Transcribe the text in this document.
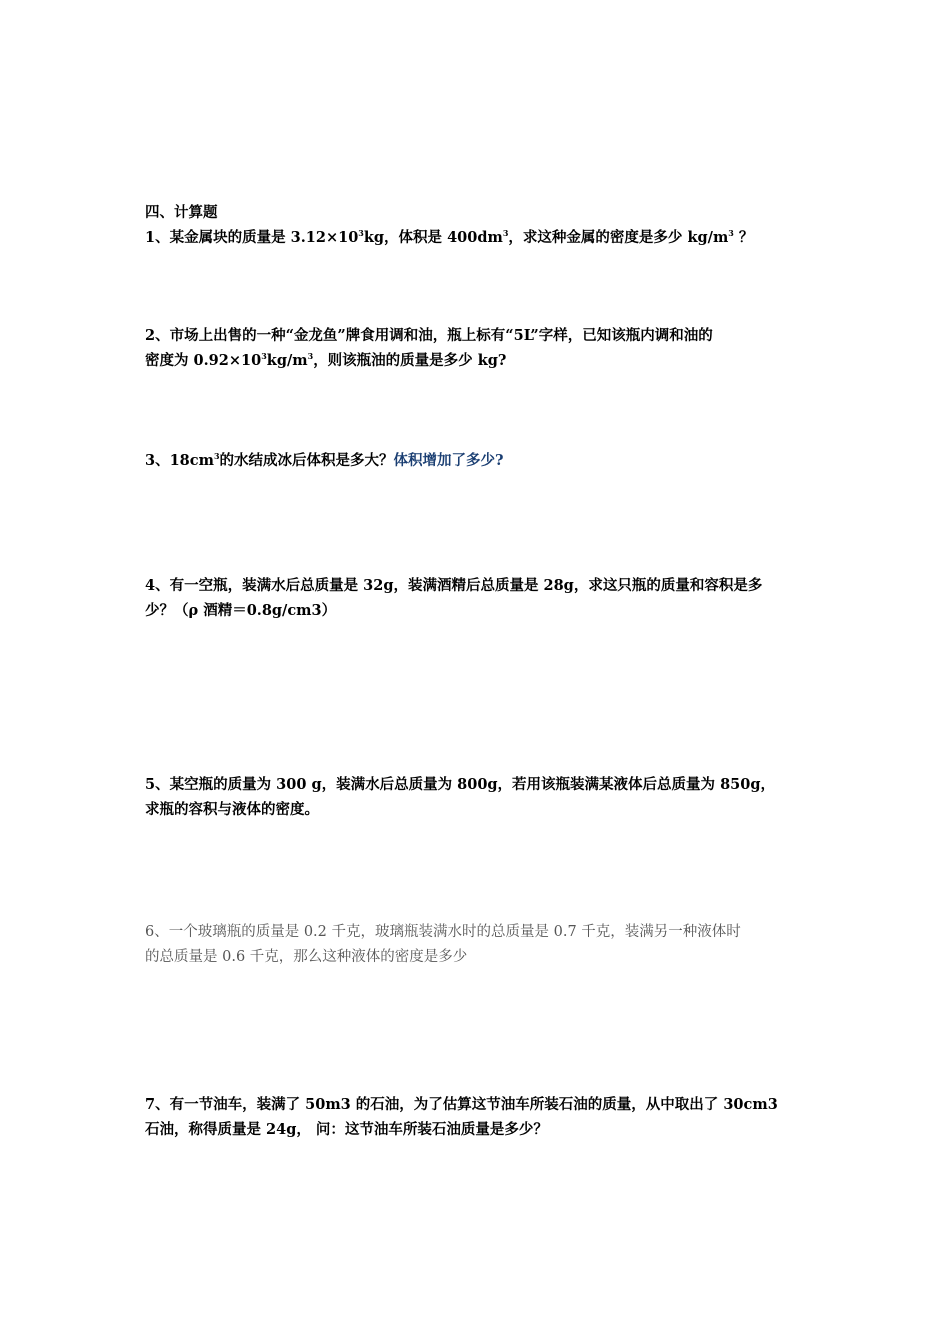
四、计算题
1、某金属块的质量是 $3.12\times 10^3kg$，体积是 $400dm^3$，求这种金属的密度是多少 $kg/m^3$ ？
2、市场上出售的一种“金龙鱼”牌食用调和油，瓶上标有“5L”字样，已知该瓶内调和油的
密度为 $0.92\times 10^3kg/m^3$，则该瓶油的质量是多少 kg?
3、$18cm^3$的水结成冰后体积是多大？体积增加了多少?
4、有一空瓶，装满水后总质量是 32g，装满酒精后总质量是 28g，求这只瓶的质量和容积是多
少？（ρ 酒精＝0.8g/cm3）
5、某空瓶的质量为 300 g，装满水后总质量为 800g，若用该瓶装满某液体后总质量为 850g，
求瓶的容积与液体的密度。
6、一个玻璃瓶的质量是 0.2 千克，玻璃瓶装满水时的总质量是 0.7 千克，装满另一种液体时
的总质量是 0.6 千克，那么这种液体的密度是多少
7、有一节油车，装满了 50m3 的石油，为了估算这节油车所装石油的质量，从中取出了 30cm3
石油，称得质量是 24g， 问：这节油车所装石油质量是多少？
